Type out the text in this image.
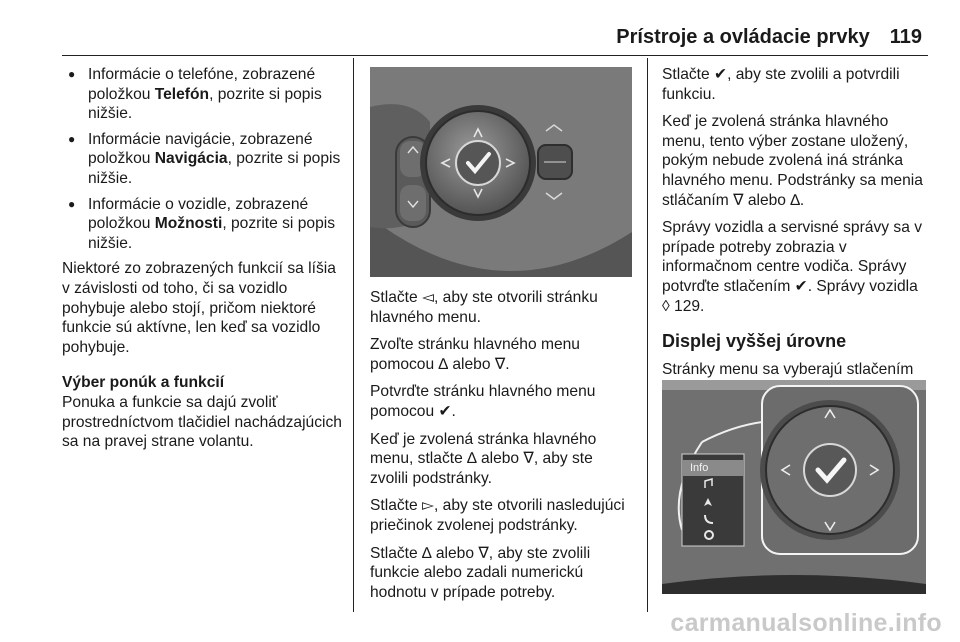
Prístroje a ovládacie prvky 119
● Informácie o telefóne, zobrazené položkou Telefón, pozrite si popis nižšie.
● Informácie navigácie, zobrazené položkou Navigácia, pozrite si popis nižšie.
● Informácie o vozidle, zobrazené položkou Možnosti, pozrite si popis nižšie.

Niektoré zo zobrazených funkcií sa líšia v závislosti od toho, či sa vozidlo pohybuje alebo stojí, pričom niektoré funkcie sú aktívne, len keď sa vozidlo pohybuje.

Výber ponúk a funkcií

Ponuka a funkcie sa dajú zvoliť prostredníctvom tlačidiel nachádzajúcich sa na pravej strane volantu.

Stlačte ◅, aby ste otvorili stránku hlavného menu.

Zvoľte stránku hlavného menu pomocou ∆ alebo ∇.

Potvrďte stránku hlavného menu pomocou ✔.

Keď je zvolená stránka hlavného menu, stlačte ∆ alebo ∇, aby ste zvolili podstránky.

Stlačte ▻, aby ste otvorili nasledujúci priečinok zvolenej podstránky.

Stlačte ∆ alebo ∇, aby ste zvolili funkcie alebo zadali numerickú hodnotu v prípade potreby.

Stlačte ✔, aby ste zvolili a potvrdili funkciu.

Keď je zvolená stránka hlavného menu, tento výber zostane uložený, pokým nebude zvolená iná stránka hlavného menu. Podstránky sa menia stláčaním ∇ alebo ∆.

Správy vozidla a servisné správy sa v prípade potreby zobrazia v informačnom centre vodiča. Správy potvrďte stlačením ✔. Správy vozidla ◊ 129.

Displej vyššej úrovne

Stránky menu sa vyberajú stlačením

Info
carmanualsonline.info
